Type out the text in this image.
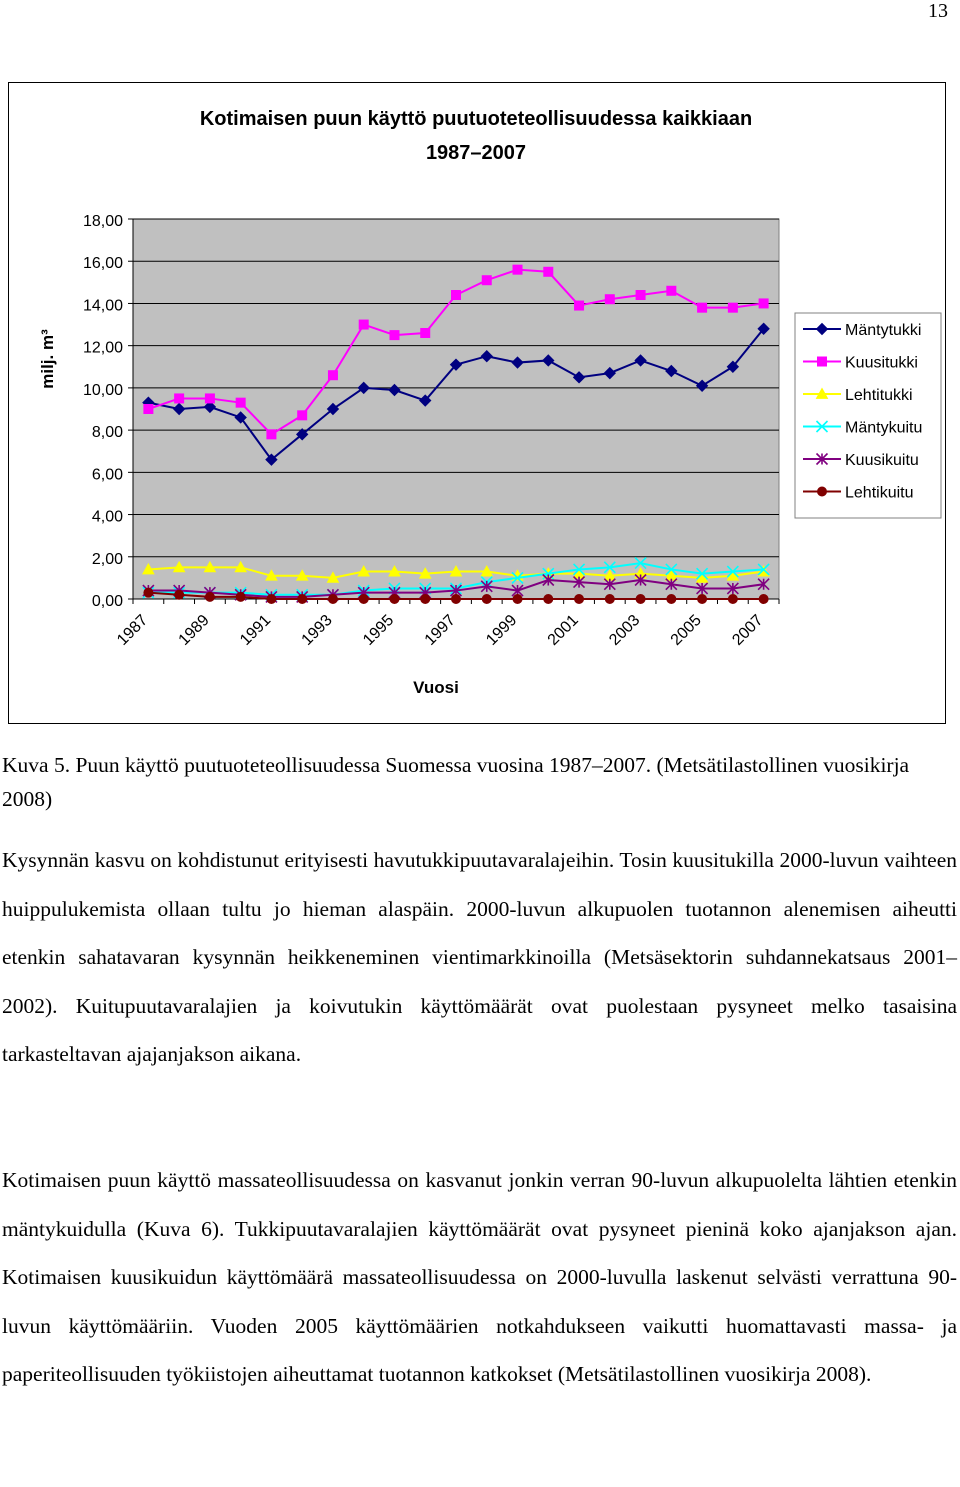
13
Kotimaisen puun käyttö puutuoteteollisuudessa kaikkiaan
1987–2007
0,00
2,00
4,00
6,00
8,00
10,00
12,00
14,00
16,00
18,00
1987 1989 1991 1993 1995 1997 1999 2001 2003 2005 2007
Vuosi
milj. m³	Mäntytukki
Kuusitukki
Lehtitukki
Mäntykuitu
Kuusikuitu
Lehtikuitu

Kuva 5. Puun käyttö puutuoteteollisuudessa Suomessa vuosina 1987–2007. (Metsätilastollinen vuosikirja 2008)

Kysynnän kasvu on kohdistunut erityisesti havutukkipuutavaralajeihin. Tosin kuusitukilla 2000-luvun vaihteen huippulukemista ollaan tultu jo hieman alaspäin. 2000-luvun alkupuolen tuotannon alenemisen aiheutti etenkin sahatavaran kysynnän heikkeneminen vientimarkkinoilla (Metsäsektorin suhdannekatsaus 2001–2002). Kuitupuutavaralajien ja koivutukin käyttömäärät ovat puolestaan pysyneet melko tasaisina tarkasteltavan ajajanjakson aikana.

Kotimaisen puun käyttö massateollisuudessa on kasvanut jonkin verran 90-luvun alkupuolelta lähtien etenkin mäntykuidulla (Kuva 6). Tukkipuutavaralajien käyttömäärät ovat pysyneet pieninä koko ajanjakson ajan. Kotimaisen kuusikuidun käyttömäärä massateollisuudessa on 2000-luvulla laskenut selvästi verrattuna 90-luvun käyttömääriin. Vuoden 2005 käyttömäärien notkahdukseen vaikutti huomattavasti massa- ja paperiteollisuuden työkiistojen aiheuttamat tuotannon katkokset (Metsätilastollinen vuosikirja 2008).
